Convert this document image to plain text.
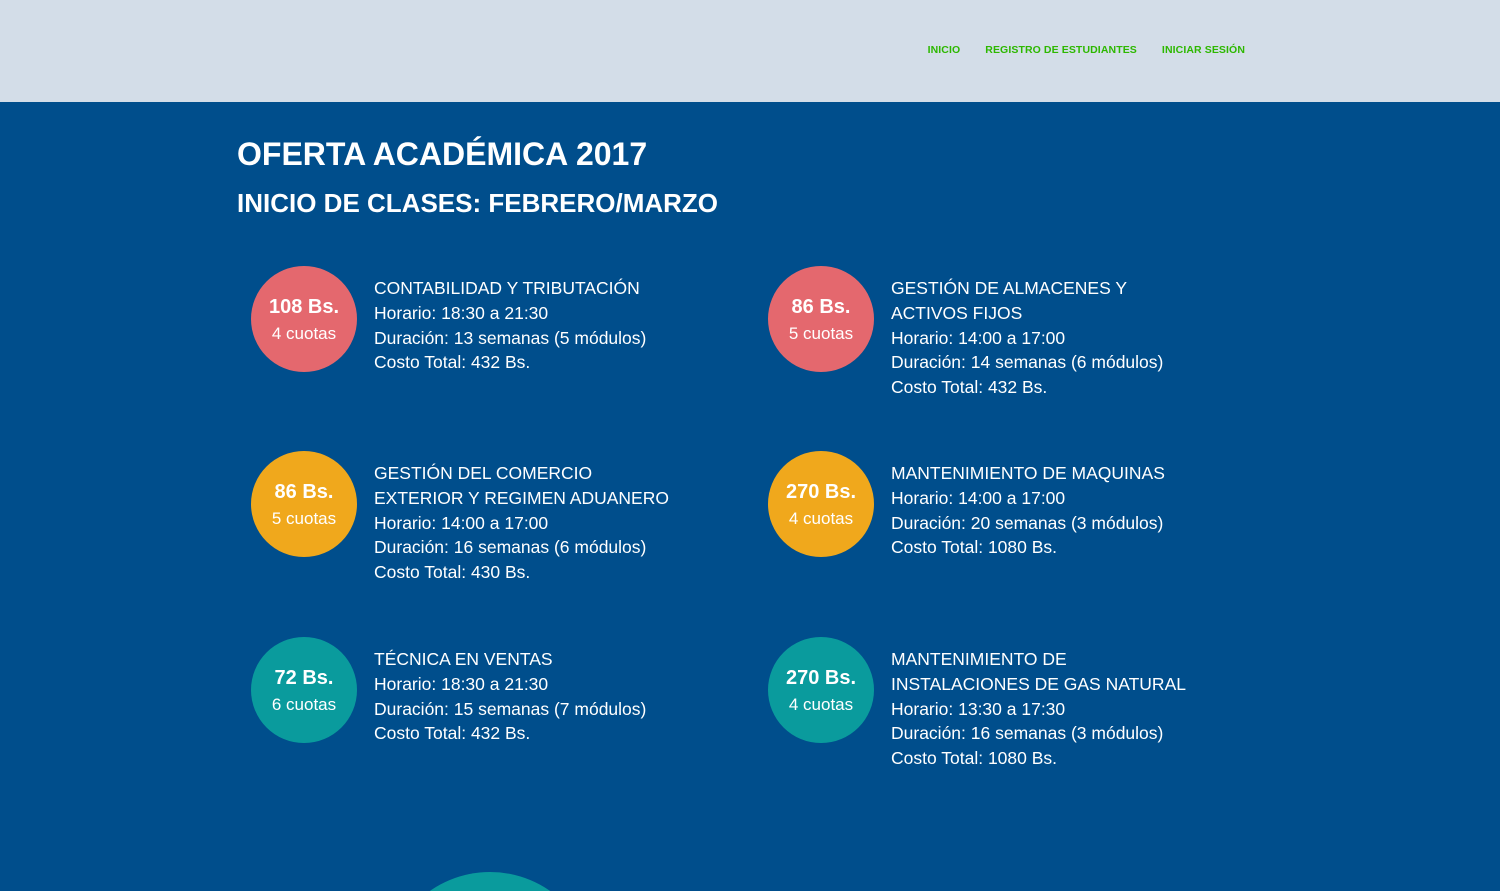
INICIO REGISTRO DE ESTUDIANTES INICIAR SESIÓN
OFERTA ACADÉMICA 2017
INICIO DE CLASES: FEBRERO/MARZO
108 Bs.
4 cuotas
CONTABILIDAD Y TRIBUTACIÓN
Horario: 18:30 a 21:30
Duración: 13 semanas (5 módulos)
Costo Total: 432 Bs.
86 Bs.
5 cuotas
GESTIÓN DE ALMACENES Y ACTIVOS FIJOS
Horario: 14:00 a 17:00
Duración: 14 semanas (6 módulos)
Costo Total: 432 Bs.
86 Bs.
5 cuotas
GESTIÓN DEL COMERCIO EXTERIOR Y REGIMEN ADUANERO
Horario: 14:00 a 17:00
Duración: 16 semanas (6 módulos)
Costo Total: 430 Bs.
270 Bs.
4 cuotas
MANTENIMIENTO DE MAQUINAS
Horario: 14:00 a 17:00
Duración: 20 semanas (3 módulos)
Costo Total: 1080 Bs.
72 Bs.
6 cuotas
TÉCNICA EN VENTAS
Horario: 18:30 a 21:30
Duración: 15 semanas (7 módulos)
Costo Total: 432 Bs.
270 Bs.
4 cuotas
MANTENIMIENTO DE INSTALACIONES DE GAS NATURAL
Horario: 13:30 a 17:30
Duración: 16 semanas (3 módulos)
Costo Total: 1080 Bs.
